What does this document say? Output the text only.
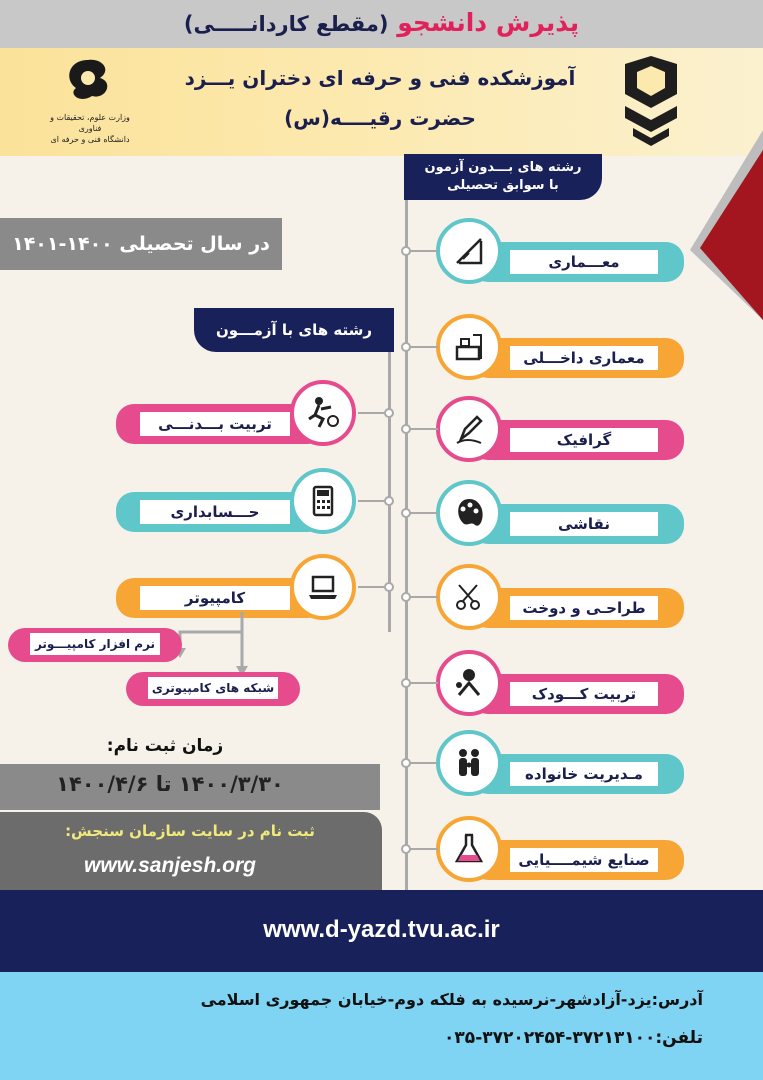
پذیرش دانشجو (مقطع کاردانـــــی)
وزارت علوم، تحقیقات و فناوری
دانشگاه فنی و حرفه ای
آموزشکده فنی و حرفه ای دختران یـــزد
حضرت رقیــــه(س)
رشته های بـــدون آزمون
با سوابق تحصیلی
در سال تحصیلی ۱۴۰۰-۱۴۰۱
رشته های با آزمـــون
معـــماری
معماری داخـــلی
گرافیک
نقاشی
طراحـی و دوخت
تربیت کـــودک
مـدیریت خانواده
صنایع شیمــــیایی
تربیت بـــدنـــی
حـــسابداری
کامپیوتر
نرم افزار کامپیـــوتر
شبکه های کامپیوتری
زمان ثبت نام:
۱۴۰۰/۳/۳۰ تا ۱۴۰۰/۴/۶
ثبت نام در سایت سازمان سنجش:
www.sanjesh.org
www.d-yazd.tvu.ac.ir
آدرس:یزد-آزادشهر-نرسیده به فلکه دوم-خیابان جمهوری اسلامی
تلفن:۳۷۲۱۳۱۰۰-۳۷۲۰۲۴۵۴-۰۳۵
